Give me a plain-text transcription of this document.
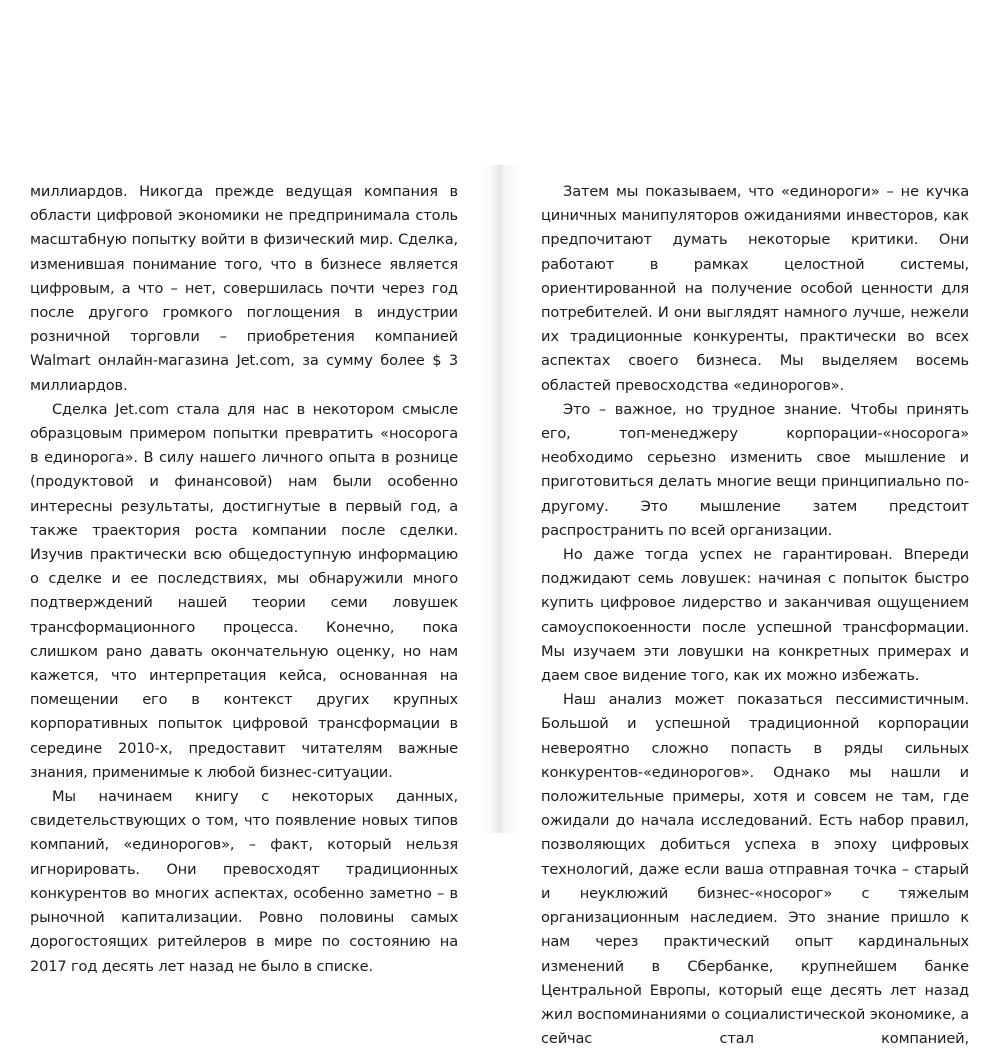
миллиардов. Никогда прежде ведущая компания в области цифровой экономики не предпринимала столь масштабную попытку войти в физический мир. Сделка, изменившая понимание того, что в бизнесе является цифровым, а что – нет, совершилась почти через год после другого громкого поглощения в индустрии розничной торговли – приобретения компанией Walmart онлайн-магазина Jet.com, за сумму более $ 3 миллиардов.

Сделка Jet.com стала для нас в некотором смысле образцовым примером попытки превратить «носорога в единорога». В силу нашего личного опыта в рознице (продуктовой и финансовой) нам были особенно интересны результаты, достигнутые в первый год, а также траектория роста компании после сделки. Изучив практически всю общедоступную информацию о сделке и ее последствиях, мы обнаружили много подтверждений нашей теории семи ловушек трансформационного процесса. Конечно, пока слишком рано давать окончательную оценку, но нам кажется, что интерпретация кейса, основанная на помещении его в контекст других крупных корпоративных попыток цифровой трансформации в середине 2010-х, предоставит читателям важные знания, применимые к любой бизнес-ситуации.

Мы начинаем книгу с некоторых данных, свидетельствующих о том, что появление новых типов компаний, «единорогов», – факт, который нельзя игнорировать. Они превосходят традиционных конкурентов во многих аспектах, особенно заметно – в рыночной капитализации. Ровно половины самых дорогостоящих ритейлеров в мире по состоянию на 2017 год десять лет назад не было в списке.

Затем мы показываем, что «единороги» – не кучка циничных манипуляторов ожиданиями инвесторов, как предпочитают думать некоторые критики. Они работают в рамках целостной системы, ориентированной на получение особой ценности для потребителей. И они выглядят намного лучше, нежели их традиционные конкуренты, практически во всех аспектах своего бизнеса. Мы выделяем восемь областей превосходства «единорогов».

Это – важное, но трудное знание. Чтобы принять его, топ-менеджеру корпорации-«носорога» необходимо серьезно изменить свое мышление и приготовиться делать многие вещи принципиально по-другому. Это мышление затем предстоит распространить по всей организации.

Но даже тогда успех не гарантирован. Впереди поджидают семь ловушек: начиная с попыток быстро купить цифровое лидерство и заканчивая ощущением самоуспокоенности после успешной трансформации. Мы изучаем эти ловушки на конкретных примерах и даем свое видение того, как их можно избежать.

Наш анализ может показаться пессимистичным. Большой и успешной традиционной корпорации невероятно сложно попасть в ряды сильных конкурентов-«единорогов». Однако мы нашли и положительные примеры, хотя и совсем не там, где ожидали до начала исследований. Есть набор правил, позволяющих добиться успеха в эпоху цифровых технологий, даже если ваша отправная точка – старый и неуклюжий бизнес-«носорог» с тяжелым организационным наследием. Это знание пришло к нам через практический опыт кардинальных изменений в Сбербанке, крупнейшем банке Центральной Европы, который еще десять лет назад жил воспоминаниями о социалистической экономике, а сейчас стал компанией,
